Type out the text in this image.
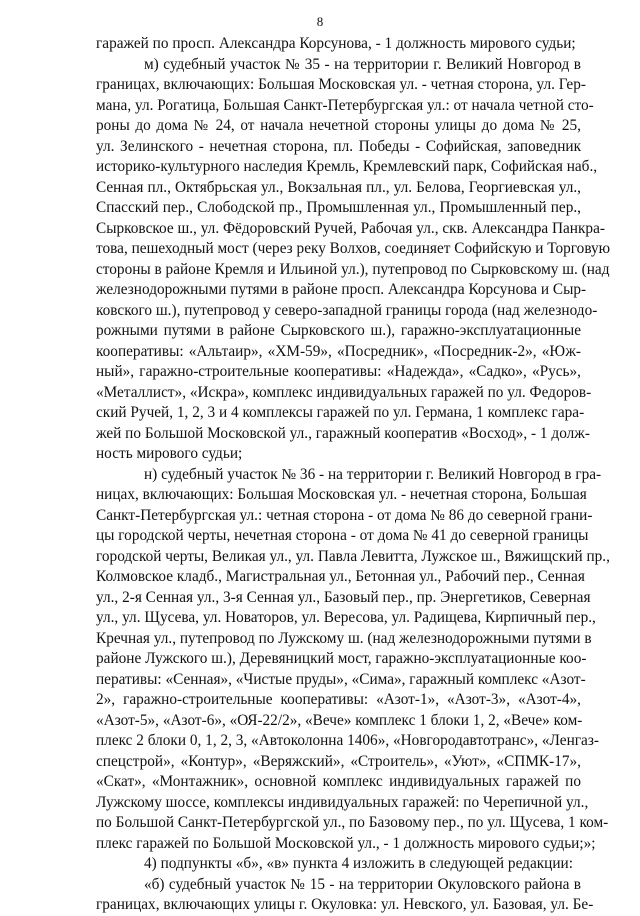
8
гаражей по просп. Александра Корсунова, - 1 должность мирового судьи;
м) судебный участок № 35 - на территории г. Великий Новгород в
границах, включающих: Большая Московская ул. - четная сторона, ул. Гер-
мана, ул. Рогатица, Большая Санкт-Петербургская ул.: от начала четной сто-
роны до дома № 24, от начала нечетной стороны улицы до дома № 25,
ул. Зелинского - нечетная сторона, пл. Победы - Софийская, заповедник
историко-культурного наследия Кремль, Кремлевский парк, Софийская наб.,
Сенная пл., Октябрьская ул., Вокзальная пл., ул. Белова, Георгиевская ул.,
Спасский пер., Слободской пр., Промышленная ул., Промышленный пер.,
Сырковское ш., ул. Фёдоровский Ручей, Рабочая ул., скв. Александра Панкра-
това, пешеходный мост (через реку Волхов, соединяет Софийскую и Торговую
стороны в районе Кремля и Ильиной ул.), путепровод по Сырковскому ш. (над
железнодорожными путями в районе просп. Александра Корсунова и Сыр-
ковского ш.), путепровод у северо-западной границы города (над железнодо-
рожными путями в районе Сырковского ш.), гаражно-эксплуатационные
кооперативы: «Альтаир», «ХМ-59», «Посредник», «Посредник-2», «Юж-
ный», гаражно-строительные кооперативы: «Надежда», «Садко», «Русь»,
«Металлист», «Искра», комплекс индивидуальных гаражей по ул. Федоров-
ский Ручей, 1, 2, 3 и 4 комплексы гаражей по ул. Германа, 1 комплекс гара-
жей по Большой Московской ул., гаражный кооператив «Восход», - 1 долж-
ность мирового судьи;
н) судебный участок № 36 - на территории г. Великий Новгород в гра-
ницах, включающих: Большая Московская ул. - нечетная сторона, Большая
Санкт-Петербургская ул.: четная сторона - от дома № 86 до северной грани-
цы городской черты, нечетная сторона - от дома № 41 до северной границы
городской черты, Великая ул., ул. Павла Левитта, Лужское ш., Вяжищский пр.,
Колмовское кладб., Магистральная ул., Бетонная ул., Рабочий пер., Сенная
ул., 2-я Сенная ул., 3-я Сенная ул., Базовый пер., пр. Энергетиков, Северная
ул., ул. Щусева, ул. Новаторов, ул. Вересова, ул. Радищева, Кирпичный пер.,
Кречная ул., путепровод по Лужскому ш. (над железнодорожными путями в
районе Лужского ш.), Деревяницкий мост, гаражно-эксплуатационные коо-
перативы: «Сенная», «Чистые пруды», «Сима», гаражный комплекс «Азот-
2», гаражно-строительные кооперативы: «Азот-1», «Азот-3», «Азот-4»,
«Азот-5», «Азот-6», «ОЯ-22/2», «Вече» комплекс 1 блоки 1, 2, «Вече» ком-
плекс 2 блоки 0, 1, 2, 3, «Автоколонна 1406», «Новгородавтотранс», «Ленгаз-
спецстрой», «Контур», «Веряжский», «Строитель», «Уют», «СПМК-17»,
«Скат», «Монтажник», основной комплекс индивидуальных гаражей по
Лужскому шоссе, комплексы индивидуальных гаражей: по Черепичной ул.,
по Большой Санкт-Петербургской ул., по Базовому пер., по ул. Щусева, 1 ком-
плекс гаражей по Большой Московской ул., - 1 должность мирового судьи;»;
4) подпункты «б», «в» пункта 4 изложить в следующей редакции:
«б) судебный участок № 15 - на территории Окуловского района в
границах, включающих улицы г. Окуловка: ул. Невского, ул. Базовая, ул. Бе-
